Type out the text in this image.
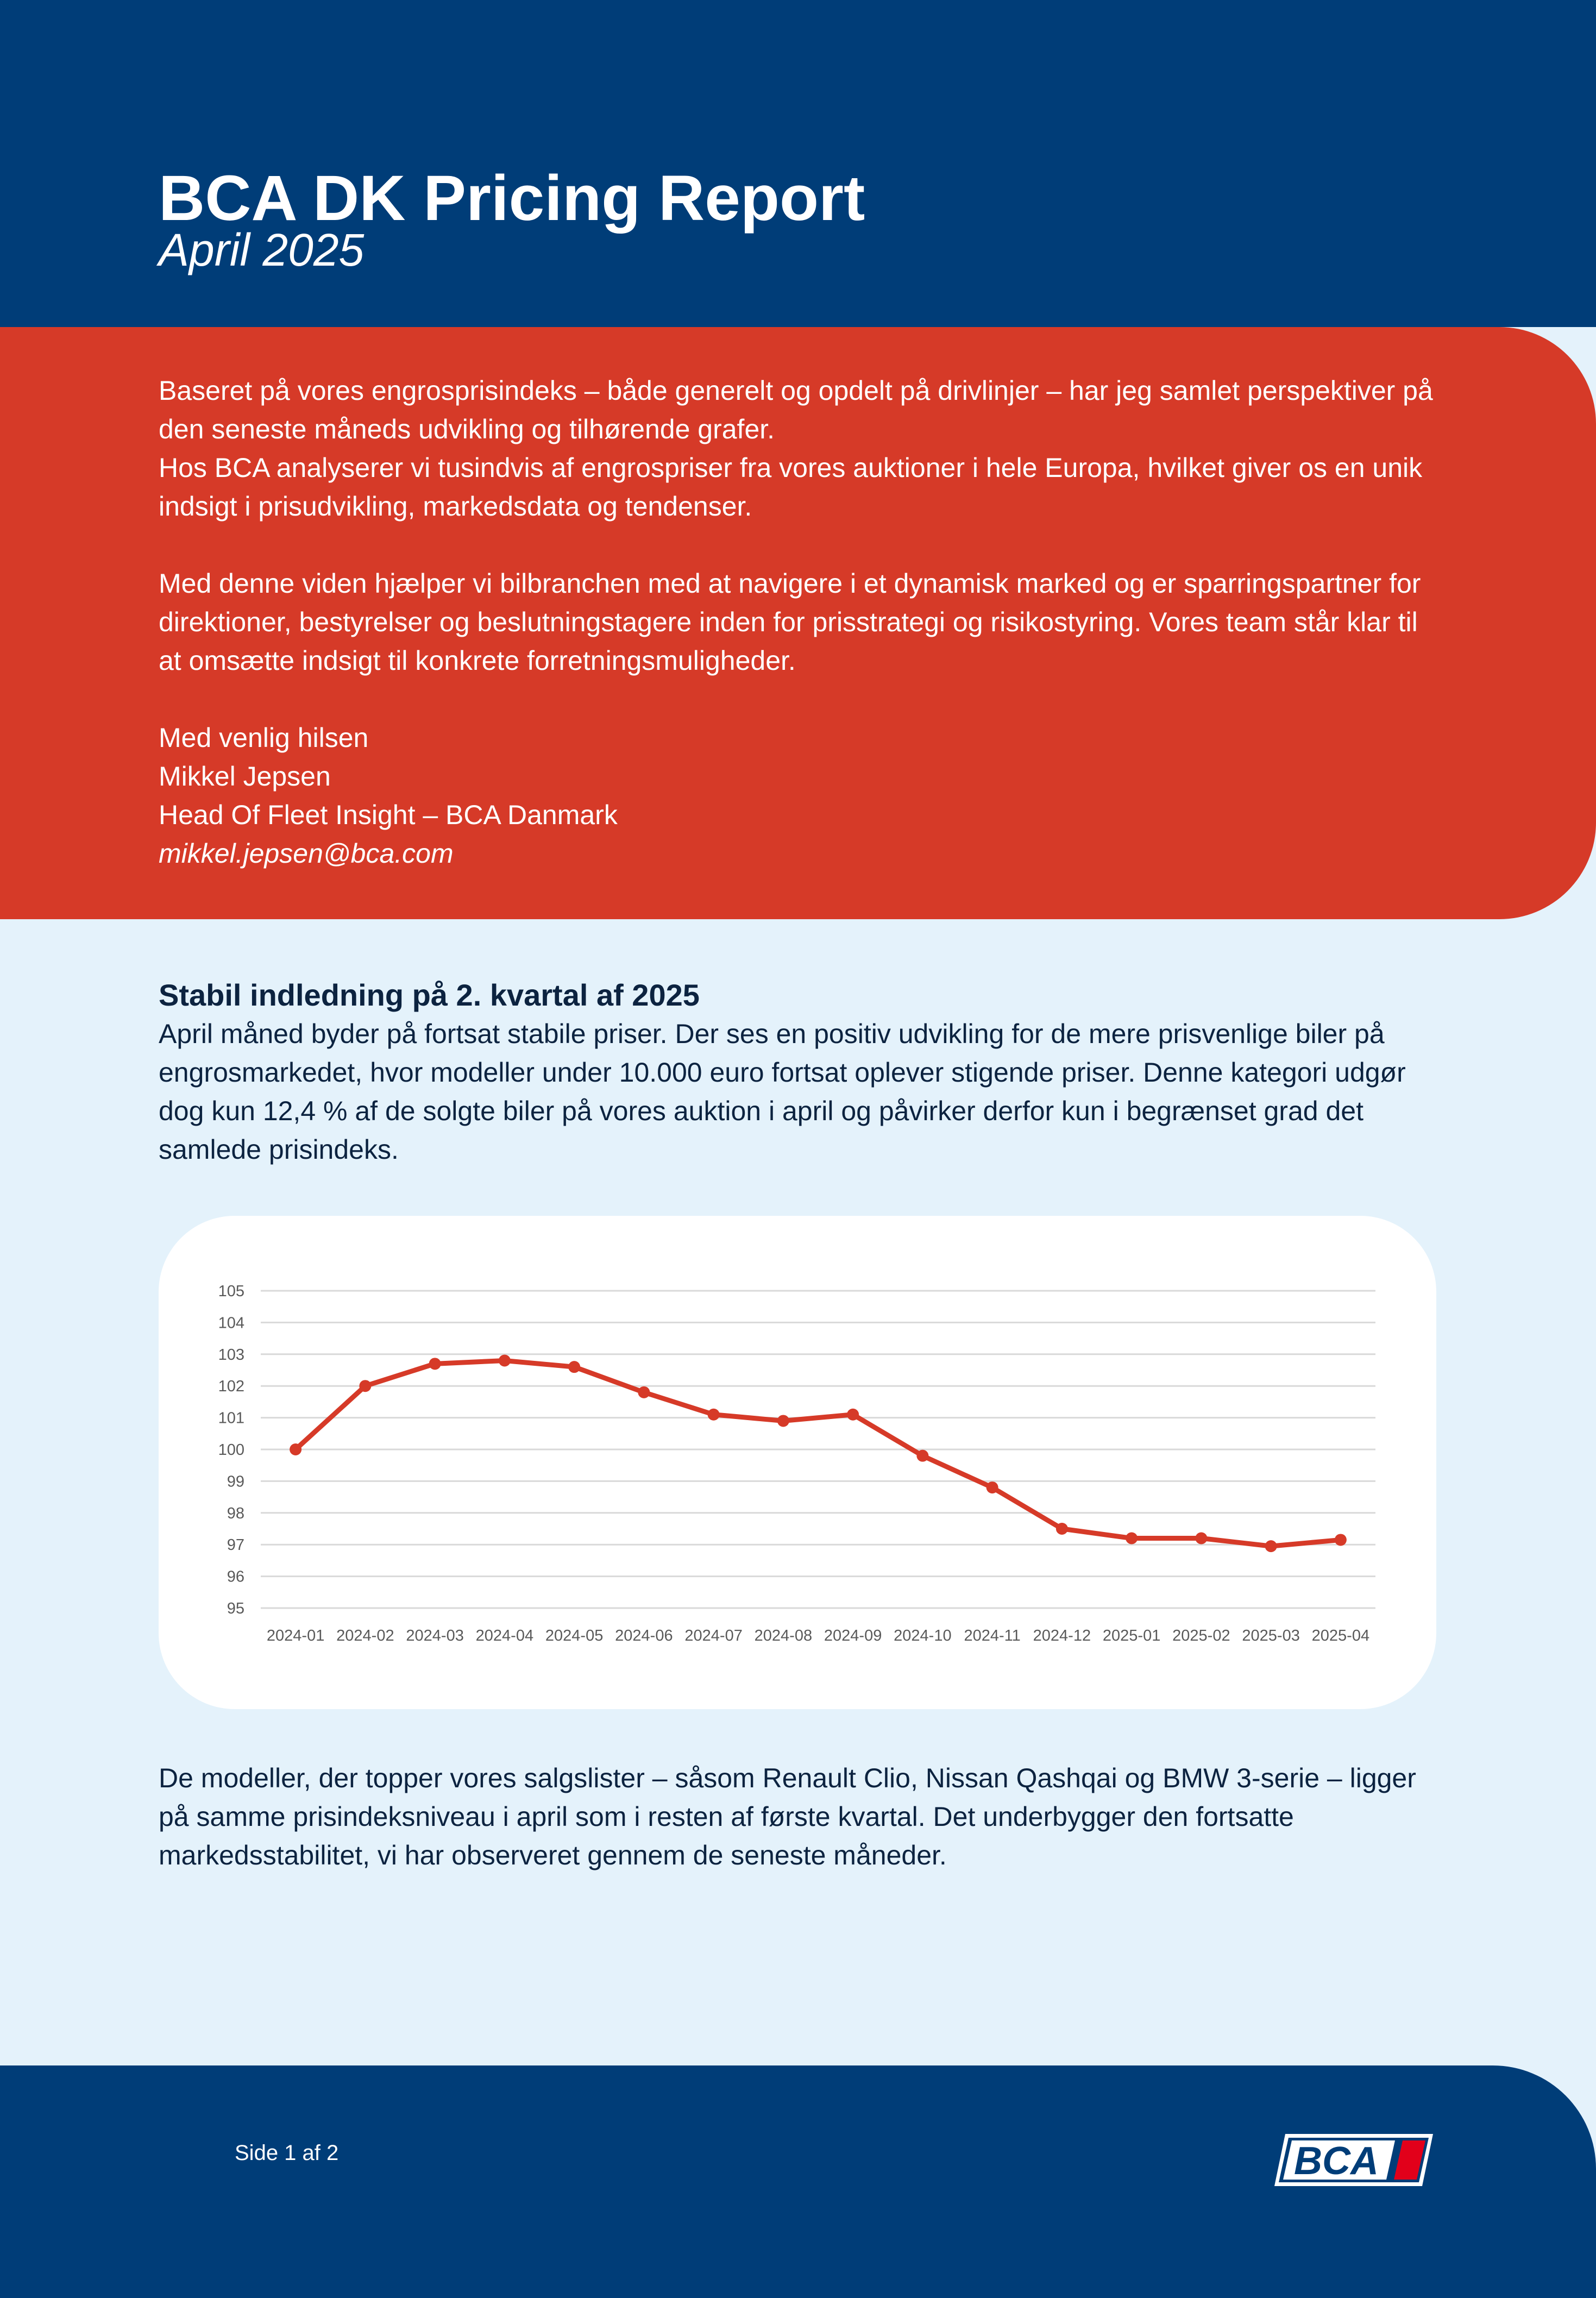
BCA DK Pricing Report
April 2025

Baseret på vores engrosprisindeks – både generelt og opdelt på drivlinjer – har jeg samlet perspektiver på den seneste måneds udvikling og tilhørende grafer.
Hos BCA analyserer vi tusindvis af engrospriser fra vores auktioner i hele Europa, hvilket giver os en unik indsigt i prisudvikling, markedsdata og tendenser.

Med denne viden hjælper vi bilbranchen med at navigere i et dynamisk marked og er sparringspartner for direktioner, bestyrelser og beslutningstagere inden for prisstrategi og risikostyring. Vores team står klar til at omsætte indsigt til konkrete forretningsmuligheder.

Med venlig hilsen
Mikkel Jepsen
Head Of Fleet Insight – BCA Danmark
mikkel.jepsen@bca.com
Stabil indledning på 2. kvartal af 2025

April måned byder på fortsat stabile priser. Der ses en positiv udvikling for de mere prisvenlige biler på engrosmarkedet, hvor modeller under 10.000 euro fortsat oplever stigende priser. Denne kategori udgør dog kun 12,4 % af de solgte biler på vores auktion i april og påvirker derfor kun i begrænset grad det samlede prisindeks.

95
96
97
98
99
100
101
102
103
104
105
2024-01 2024-02 2024-03 2024-04 2024-05 2024-06 2024-07 2024-08 2024-09 2024-10 2024-11 2024-12 2025-01 2025-02 2025-03 2025-04

De modeller, der topper vores salgslister – såsom Renault Clio, Nissan Qashqai og BMW 3-serie – ligger på samme prisindeksniveau i april som i resten af første kvartal. Det underbygger den fortsatte markedsstabilitet, vi har observeret gennem de seneste måneder.

Side 1 af 2	BCA
